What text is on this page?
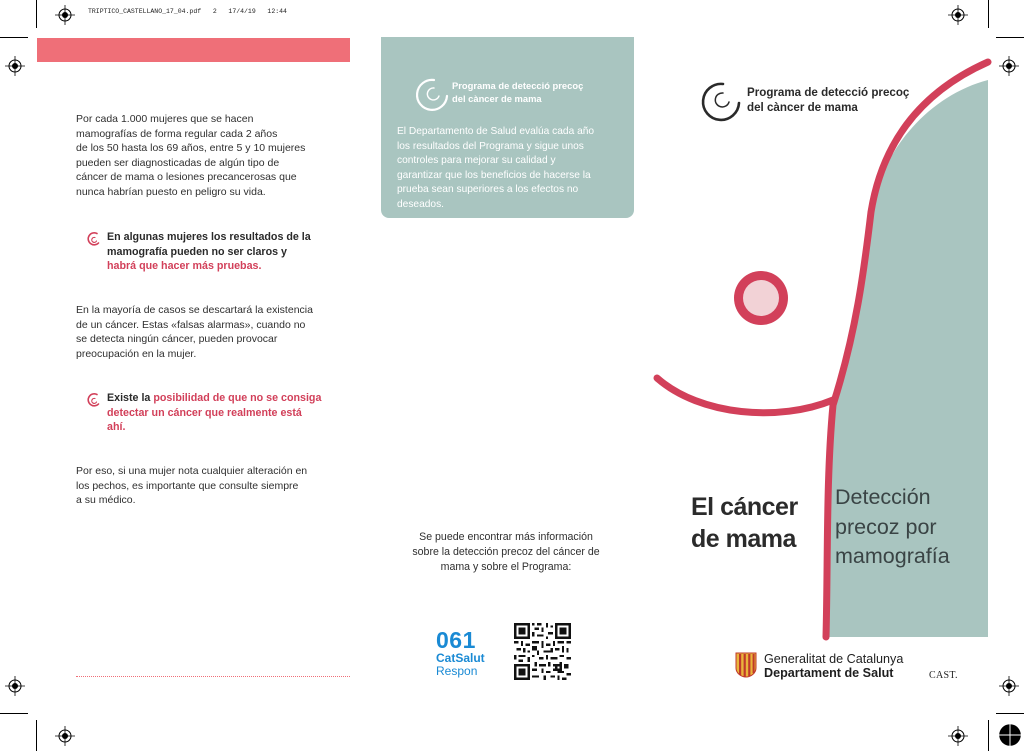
TRIPTICO_CASTELLANO_17_04.pdf   2   17/4/19   12:44
Por cada 1.000 mujeres que se hacen
mamografías de forma regular cada 2 años
de los 50 hasta los 69 años, entre 5 y 10 mujeres
pueden ser diagnosticadas de algún tipo de
cáncer de mama o lesiones precancerosas que
nunca habrían puesto en peligro su vida.
En algunas mujeres los resultados de la
mamografía pueden no ser claros y
habrá que hacer más pruebas.
En la mayoría de casos se descartará la existencia
de un cáncer. Estas «falsas alarmas», cuando no
se detecta ningún cáncer, pueden provocar
preocupación en la mujer.
Existe la posibilidad de que no se consiga
detectar un cáncer que realmente está
ahí.
Por eso, si una mujer nota cualquier alteración en
los pechos, es importante que consulte siempre
a su médico.
Programa de detecció precoç
del càncer de mama
El Departamento de Salud evalúa cada año
los resultados del Programa y sigue unos
controles para mejorar su calidad y
garantizar que los beneficios de hacerse la
prueba sean superiores a los efectos no
deseados.
Se puede encontrar más información
sobre la detección precoz del cáncer de
mama y sobre el Programa:
061
CatSalut
Respon
Programa de detecció precoç
del càncer de mama
El cáncer
de mama
Detección
precoz por
mamografía
Generalitat de Catalunya
Departament de Salut	CAST.
